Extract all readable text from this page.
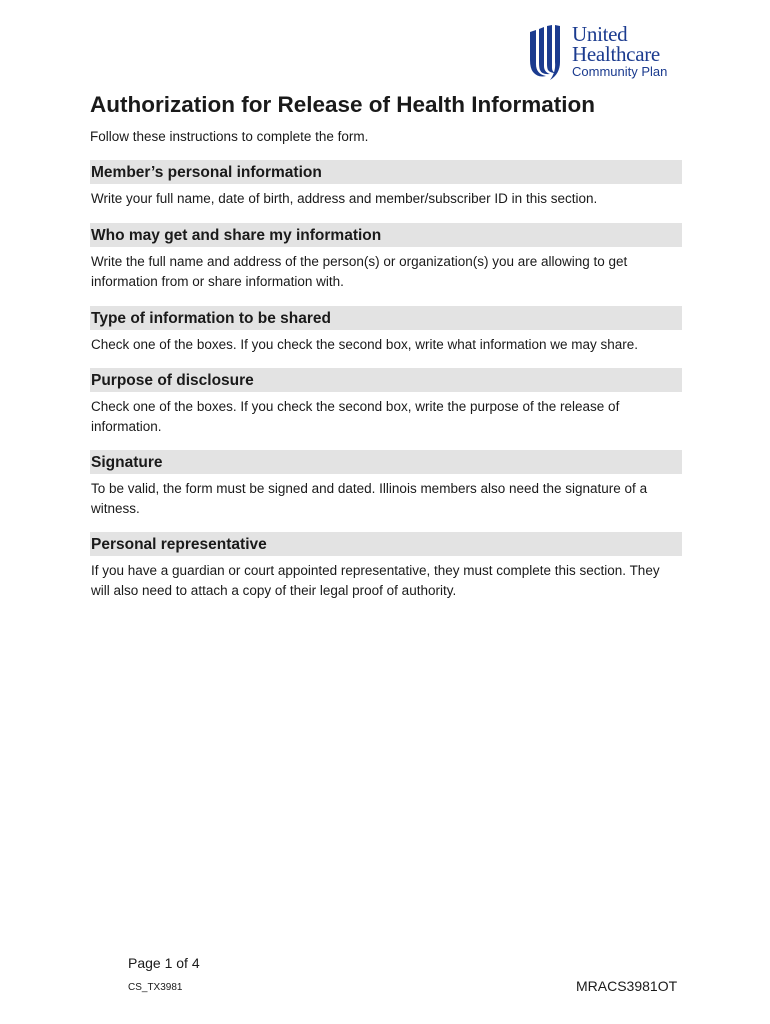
United
Healthcare
Community Plan
Authorization for Release of Health Information

Follow these instructions to complete the form.

Member’s personal information

Write your full name, date of birth, address and member/subscriber ID in this section.

Who may get and share my information

Write the full name and address of the person(s) or organization(s) you are allowing to get information from or share information with.

Type of information to be shared

Check one of the boxes. If you check the second box, write what information we may share.

Purpose of disclosure

Check one of the boxes. If you check the second box, write the purpose of the release of information.

Signature

To be valid, the form must be signed and dated. Illinois members also need the signature of a witness.

Personal representative

If you have a guardian or court appointed representative, they must complete this section. They will also need to attach a copy of their legal proof of authority.

Page 1 of 4
CS_TX3981	MRACS3981OT
